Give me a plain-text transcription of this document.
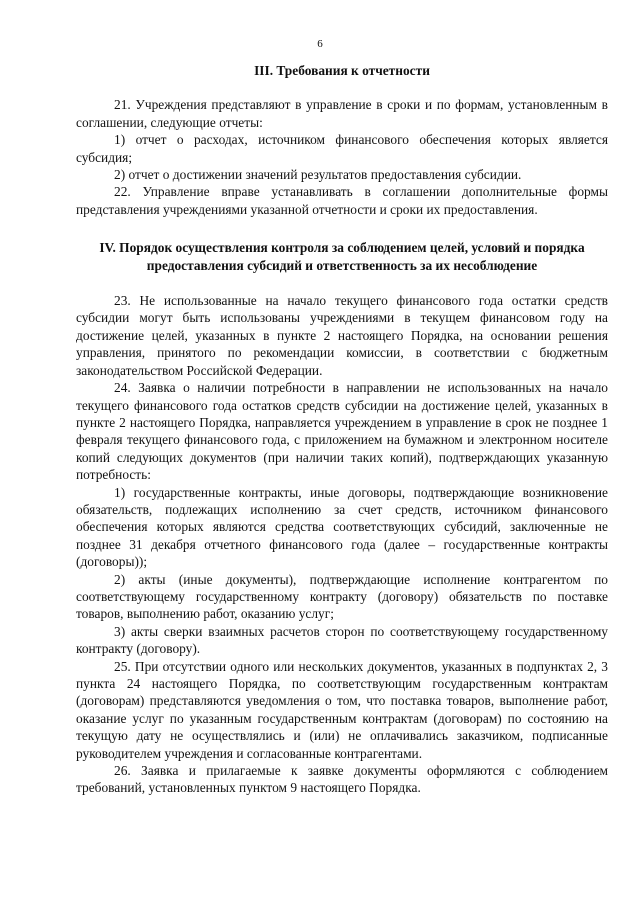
6
III. Требования к отчетности

21. Учреждения представляют в управление в сроки и по формам, установленным в соглашении, следующие отчеты:

1) отчет о расходах, источником финансового обеспечения которых является субсидия;

2) отчет о достижении значений результатов предоставления субсидии.

22. Управление вправе устанавливать в соглашении дополнительные формы представления учреждениями указанной отчетности и сроки их предоставления.

IV. Порядок осуществления контроля за соблюдением целей, условий и порядка предоставления субсидий и ответственность за их несоблюдение

23. Не использованные на начало текущего финансового года остатки средств субсидии могут быть использованы учреждениями в текущем финансовом году на достижение целей, указанных в пункте 2 настоящего Порядка, на основании решения управления, принятого по рекомендации комиссии, в соответствии с бюджетным законодательством Российской Федерации.

24. Заявка о наличии потребности в направлении не использованных на начало текущего финансового года остатков средств субсидии на достижение целей, указанных в пункте 2 настоящего Порядка, направляется учреждением в управление в срок не позднее 1 февраля текущего финансового года, с приложением на бумажном и электронном носителе копий следующих документов (при наличии таких копий), подтверждающих указанную потребность:

1) государственные контракты, иные договоры, подтверждающие возникновение обязательств, подлежащих исполнению за счет средств, источником финансового обеспечения которых являются средства соответствующих субсидий, заключенные не позднее 31 декабря отчетного финансового года (далее – государственные контракты (договоры));

2) акты (иные документы), подтверждающие исполнение контрагентом по соответствующему государственному контракту (договору) обязательств по поставке товаров, выполнению работ, оказанию услуг;

3) акты сверки взаимных расчетов сторон по соответствующему государственному контракту (договору).

25. При отсутствии одного или нескольких документов, указанных в подпунктах 2, 3 пункта 24 настоящего Порядка, по соответствующим государственным контрактам (договорам) представляются уведомления о том, что поставка товаров, выполнение работ, оказание услуг по указанным государственным контрактам (договорам) по состоянию на текущую дату не осуществлялись и (или) не оплачивались заказчиком, подписанные руководителем учреждения и согласованные контрагентами.

26. Заявка и прилагаемые к заявке документы оформляются с соблюдением требований, установленных пунктом 9 настоящего Порядка.
